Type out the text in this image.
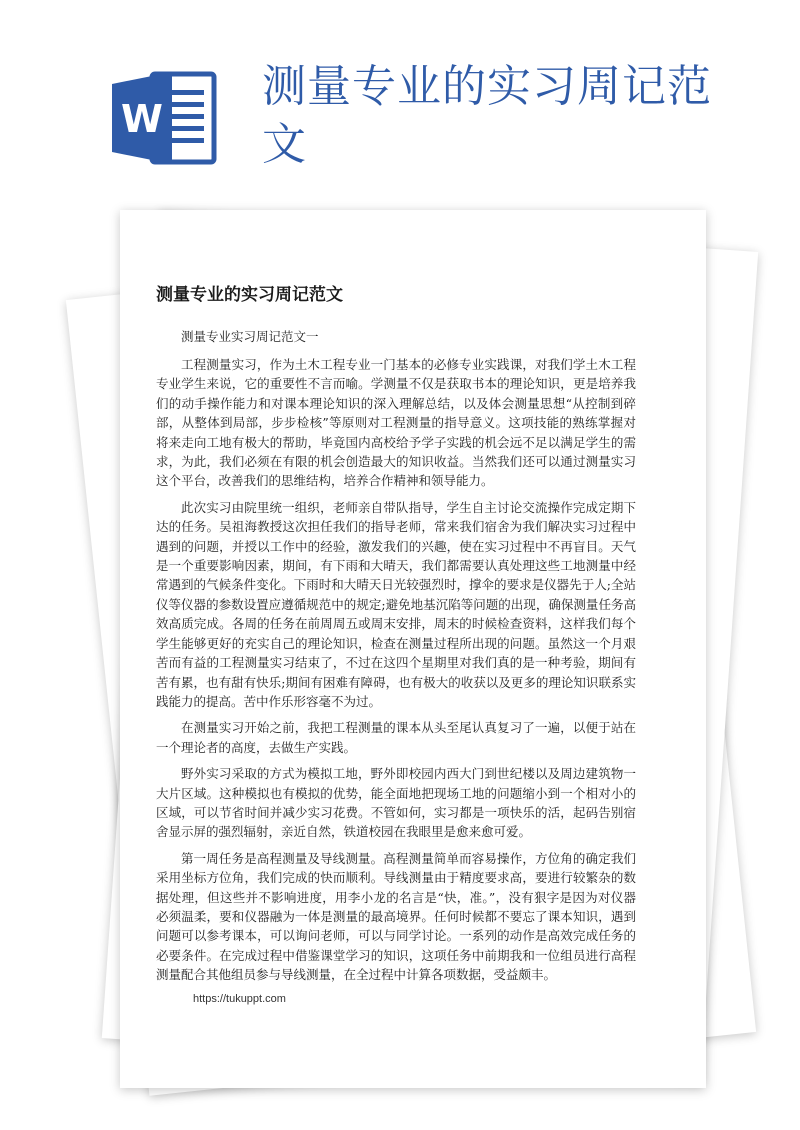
W
测量专业的实习周记范文
测量专业的实习周记范文
测量专业实习周记范文一

工程测量实习，作为土木工程专业一门基本的必修专业实践课，对我们学土木工程专业学生来说，它的重要性不言而喻。学测量不仅是获取书本的理论知识，更是培养我们的动手操作能力和对课本理论知识的深入理解总结，以及体会测量思想“从控制到碎部，从整体到局部，步步检核”等原则对工程测量的指导意义。这项技能的熟练掌握对将来走向工地有极大的帮助，毕竟国内高校给予学子实践的机会远不足以满足学生的需求，为此，我们必须在有限的机会创造最大的知识收益。当然我们还可以通过测量实习这个平台，改善我们的思维结构，培养合作精神和领导能力。

此次实习由院里统一组织，老师亲自带队指导，学生自主讨论交流操作完成定期下达的任务。吴祖海教授这次担任我们的指导老师，常来我们宿舍为我们解决实习过程中遇到的问题，并授以工作中的经验，激发我们的兴趣，使在实习过程中不再盲目。天气是一个重要影响因素，期间，有下雨和大晴天，我们都需要认真处理这些工地测量中经常遇到的气候条件变化。下雨时和大晴天日光较强烈时，撑伞的要求是仪器先于人;全站仪等仪器的参数设置应遵循规范中的规定;避免地基沉陷等问题的出现，确保测量任务高效高质完成。各周的任务在前周周五或周末安排，周末的时候检查资料，这样我们每个学生能够更好的充实自己的理论知识，检查在测量过程所出现的问题。虽然这一个月艰苦而有益的工程测量实习结束了，不过在这四个星期里对我们真的是一种考验，期间有苦有累，也有甜有快乐;期间有困难有障碍，也有极大的收获以及更多的理论知识联系实践能力的提高。苦中作乐形容毫不为过。

在测量实习开始之前，我把工程测量的课本从头至尾认真复习了一遍，以便于站在一个理论者的高度，去做生产实践。

野外实习采取的方式为模拟工地，野外即校园内西大门到世纪楼以及周边建筑物一大片区域。这种模拟也有模拟的优势，能全面地把现场工地的问题缩小到一个相对小的区域，可以节省时间并减少实习花费。不管如何，实习都是一项快乐的活，起码告别宿舍显示屏的强烈辐射，亲近自然，铁道校园在我眼里是愈来愈可爱。

第一周任务是高程测量及导线测量。高程测量简单而容易操作，方位角的确定我们采用坐标方位角，我们完成的快而顺利。导线测量由于精度要求高，要进行较繁杂的数据处理，但这些并不影响进度，用李小龙的名言是“快，准。”，没有狠字是因为对仪器必须温柔，要和仪器融为一体是测量的最高境界。任何时候都不要忘了课本知识，遇到问题可以参考课本，可以询问老师，可以与同学讨论。一系列的动作是高效完成任务的必要条件。在完成过程中借鉴课堂学习的知识，这项任务中前期我和一位组员进行高程测量配合其他组员参与导线测量，在全过程中计算各项数据，受益颇丰。

https://tukuppt.com
